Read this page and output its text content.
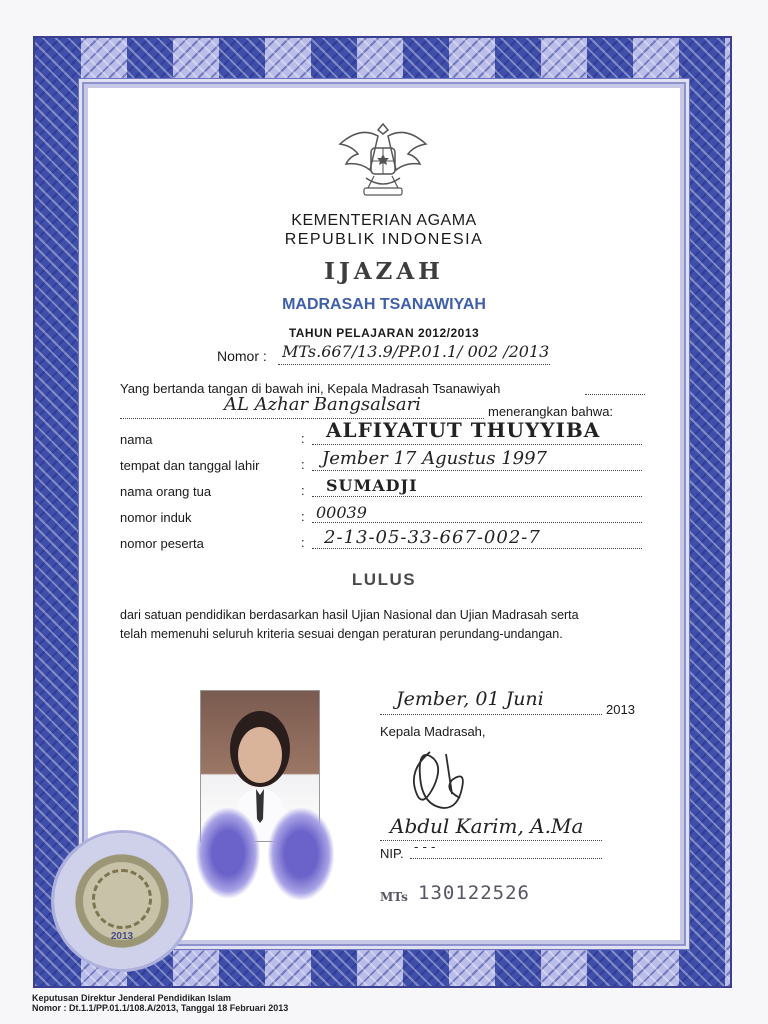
KEMENTERIAN AGAMA
REPUBLIK INDONESIA
IJAZAH
MADRASAH TSANAWIYAH
TAHUN PELAJARAN 2012/2013
Nomor : MTs.667/13.9/PP.01.1/ 002 /2013
Yang bertanda tangan di bawah ini, Kepala Madrasah Tsanawiyah
AL Azhar Bangsalsari	menerangkan bahwa:
nama	: ALFIYATUT THUYYIBA
tempat dan tanggal lahir	: Jember 17 Agustus 1997
nama orang tua	: SUMADJI
nomor induk	: 00039
nomor peserta	: 2-13-05-33-667-002-7
LULUS
dari satuan pendidikan berdasarkan hasil Ujian Nasional dan Ujian Madrasah serta
telah memenuhi seluruh kriteria sesuai dengan peraturan perundang-undangan.
Jember, 01 Juni	2013
Kepala Madrasah,
Abdul Karim, A.Ma
NIP. - - -
MTs 130122526
2013
Keputusan Direktur Jenderal Pendidikan Islam
Nomor : Dt.1.1/PP.01.1/108.A/2013, Tanggal 18 Februari 2013
